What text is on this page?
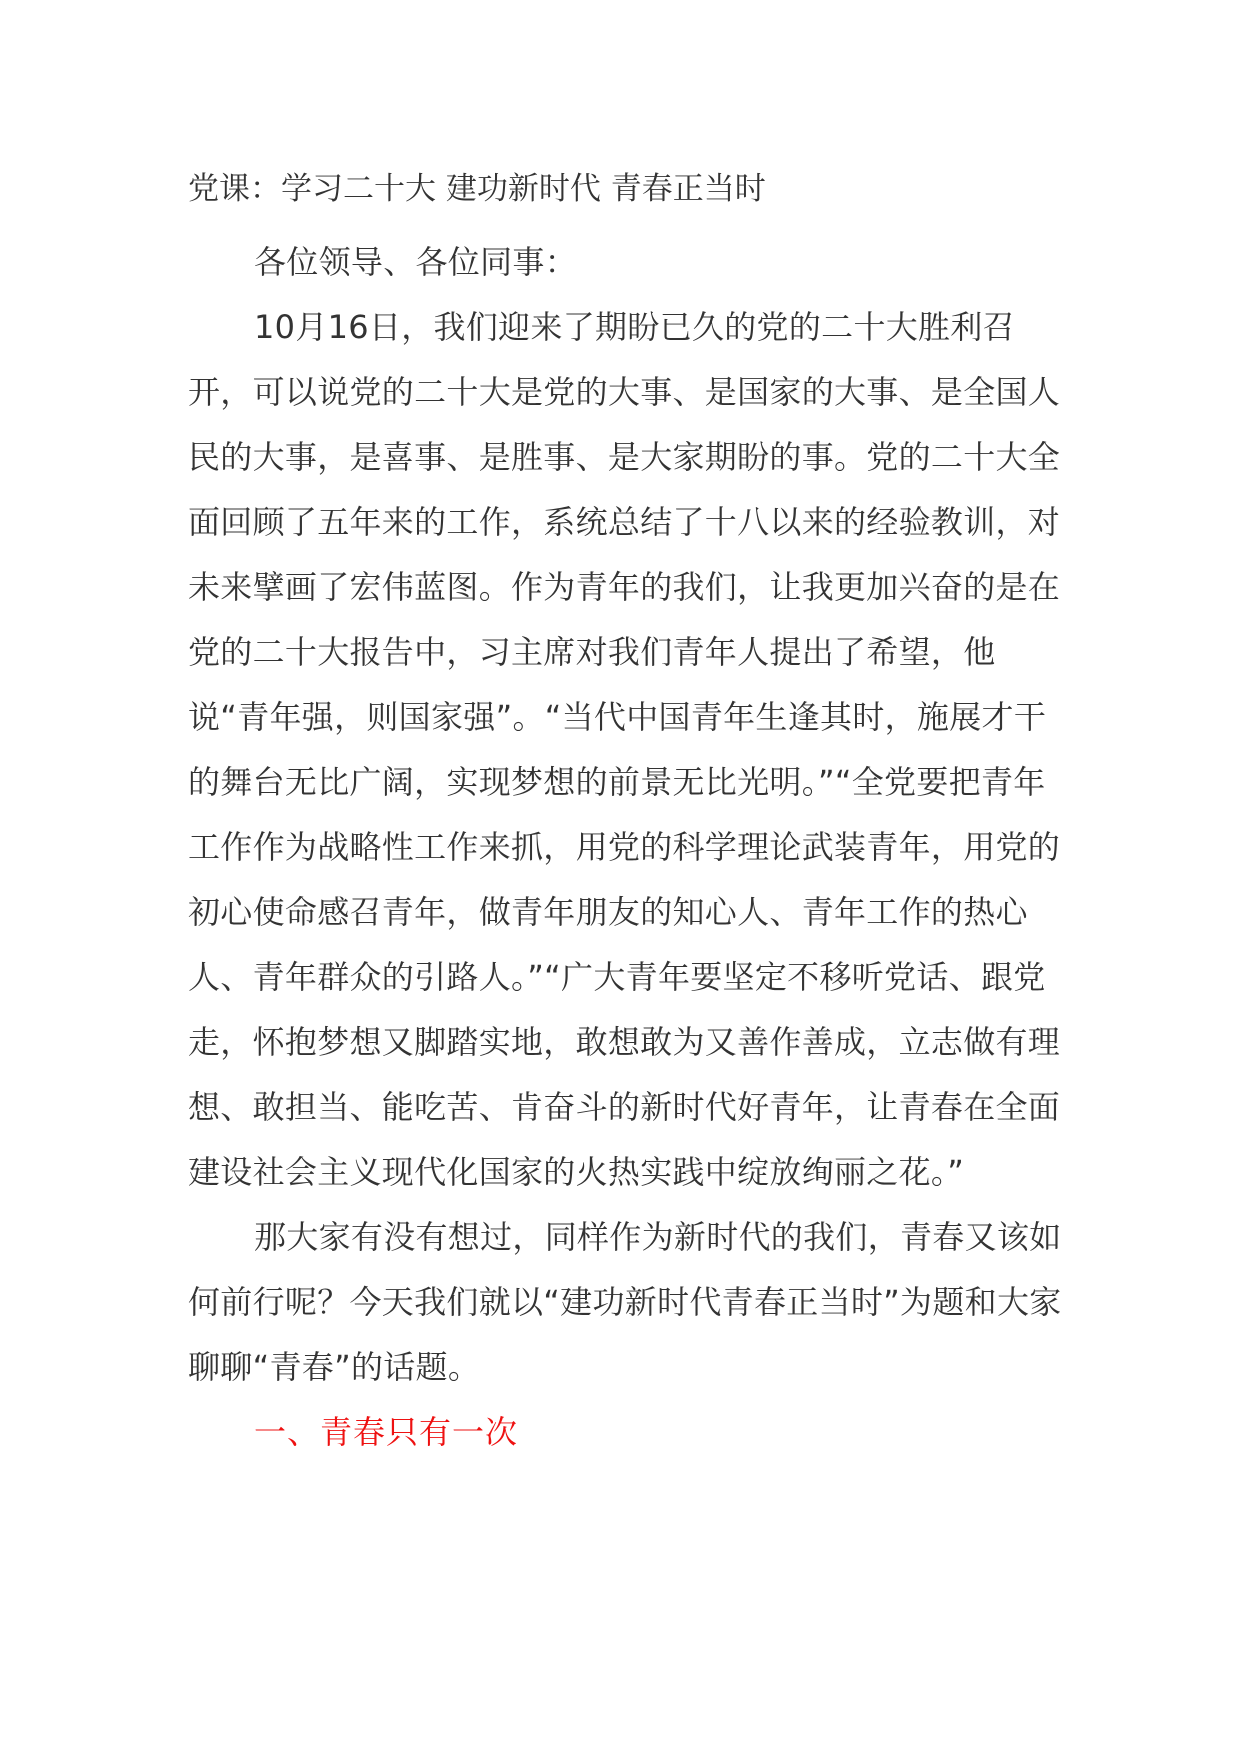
党课：学习二十大 建功新时代 青春正当时

各位领导、各位同事：

10月16日，我们迎来了期盼已久的党的二十大胜利召开，可以说党的二十大是党的大事、是国家的大事、是全国人民的大事，是喜事、是胜事、是大家期盼的事。党的二十大全面回顾了五年来的工作，系统总结了十八以来的经验教训，对未来擘画了宏伟蓝图。作为青年的我们，让我更加兴奋的是在党的二十大报告中，习主席对我们青年人提出了希望，他说“青年强，则国家强”。“当代中国青年生逢其时，施展才干的舞台无比广阔，实现梦想的前景无比光明。”“全党要把青年工作作为战略性工作来抓，用党的科学理论武装青年，用党的初心使命感召青年，做青年朋友的知心人、青年工作的热心人、青年群众的引路人。”“广大青年要坚定不移听党话、跟党走，怀抱梦想又脚踏实地，敢想敢为又善作善成，立志做有理想、敢担当、能吃苦、肯奋斗的新时代好青年，让青春在全面建设社会主义现代化国家的火热实践中绽放绚丽之花。”

那大家有没有想过，同样作为新时代的我们，青春又该如何前行呢？今天我们就以“建功新时代青春正当时”为题和大家聊聊“青春”的话题。

一、青春只有一次
